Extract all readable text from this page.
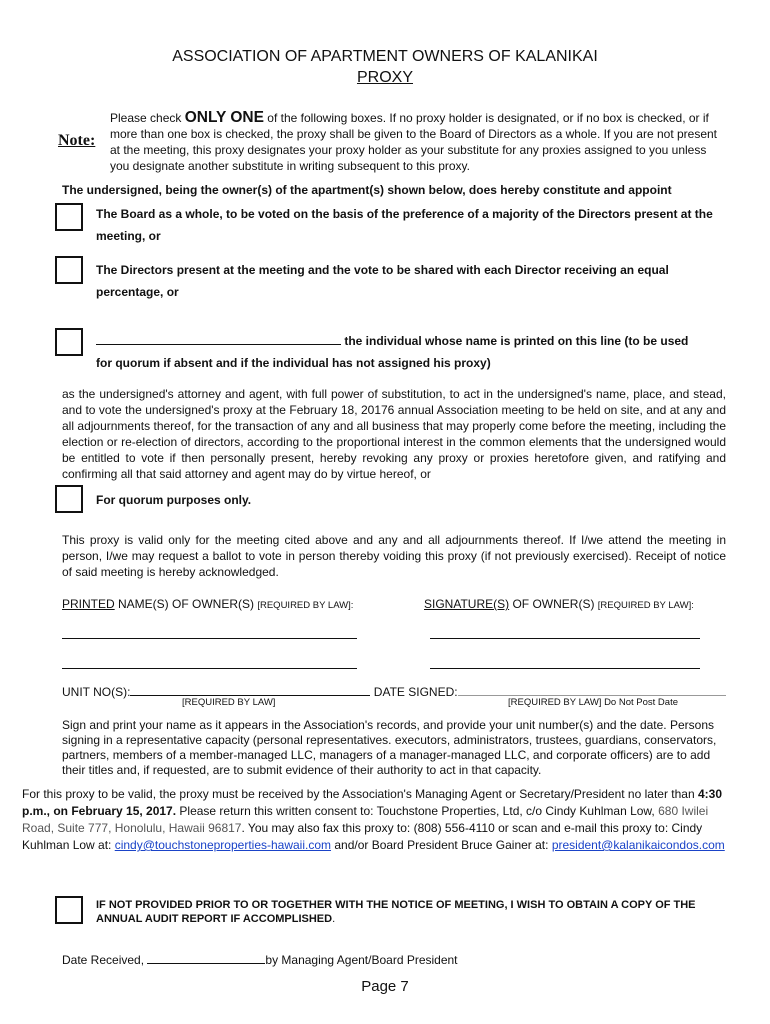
ASSOCIATION OF APARTMENT OWNERS OF KALANIKAI
PROXY
Note:
Please check ONLY ONE of the following boxes. If no proxy holder is designated, or if no box is checked, or if more than one box is checked, the proxy shall be given to the Board of Directors as a whole. If you are not present at the meeting, this proxy designates your proxy holder as your substitute for any proxies assigned to you unless you designate another substitute in writing subsequent to this proxy.
The undersigned, being the owner(s) of the apartment(s) shown below, does hereby constitute and appoint
The Board as a whole, to be voted on the basis of the preference of a majority of the Directors present at the meeting, or
The Directors present at the meeting and the vote to be shared with each Director receiving an equal percentage, or
the individual whose name is printed on this line (to be used
for quorum if absent and if the individual has not assigned his proxy)
as the undersigned's attorney and agent, with full power of substitution, to act in the undersigned's name, place, and stead, and to vote the undersigned's proxy at the February 18, 20176 annual Association meeting to be held on site, and at any and all adjournments thereof, for the transaction of any and all business that may properly come before the meeting, including the election or re-election of directors, according to the proportional interest in the common elements that the undersigned would be entitled to vote if then personally present, hereby revoking any proxy or proxies heretofore given, and ratifying and confirming all that said attorney and agent may do by virtue hereof, or
For quorum purposes only.
This proxy is valid only for the meeting cited above and any and all adjournments thereof. If I/we attend the meeting in person, I/we may request a ballot to vote in person thereby voiding this proxy (if not previously exercised). Receipt of notice of said meeting is hereby acknowledged.
PRINTED NAME(S) OF OWNER(S) [REQUIRED BY LAW]:	SIGNATURE(S) OF OWNER(S) [REQUIRED BY LAW]:
UNIT NO(S):	DATE SIGNED:
[REQUIRED BY LAW]	[REQUIRED BY LAW] Do Not Post Date
Sign and print your name as it appears in the Association's records, and provide your unit number(s) and the date. Persons signing in a representative capacity (personal representatives. executors, administrators, trustees, guardians, conservators, partners, members of a member-managed LLC, managers of a manager-managed LLC, and corporate officers) are to add their titles and, if requested, are to submit evidence of their authority to act in that capacity.
For this proxy to be valid, the proxy must be received by the Association's Managing Agent or Secretary/President no later than 4:30 p.m., on February 15, 2017. Please return this written consent to: Touchstone Properties, Ltd, c/o Cindy Kuhlman Low, 680 Iwilei Road, Suite 777, Honolulu, Hawaii 96817. You may also fax this proxy to: (808) 556-4110 or scan and e-mail this proxy to: Cindy Kuhlman Low at: cindy@touchstoneproperties-hawaii.com and/or Board President Bruce Gainer at: president@kalanikaicondos.com
IF NOT PROVIDED PRIOR TO OR TOGETHER WITH THE NOTICE OF MEETING, I WISH TO OBTAIN A COPY OF THE ANNUAL AUDIT REPORT IF ACCOMPLISHED.
Date Received,	by Managing Agent/Board President
Page 7
